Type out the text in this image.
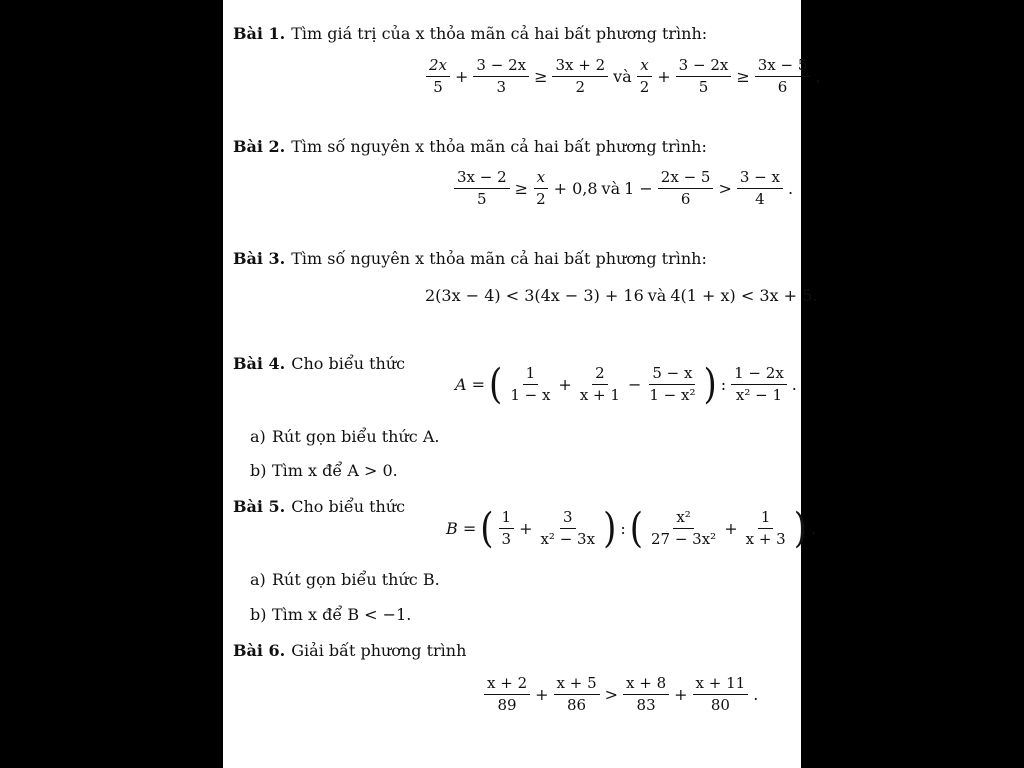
Bài 1. Tìm giá trị của x thỏa mãn cả hai bất phương trình:
$\frac{2x}{5} + \frac{3 - 2x}{3} \ge \frac{3x + 2}{2}$ và $\frac{x}{2} + \frac{3 - 2x}{5} \ge \frac{3x - 5}{6}$ .
Bài 2. Tìm số nguyên x thỏa mãn cả hai bất phương trình:
$\frac{3x - 2}{5} \ge \frac{x}{2} + 0,8$ và $1 - \frac{2x - 5}{6} > \frac{3 - x}{4}$ .
Bài 3. Tìm số nguyên x thỏa mãn cả hai bất phương trình:
2(3x − 4) < 3(4x − 3) + 16 và 4(1 + x) < 3x + 5.
Bài 4. Cho biểu thức
A = ( $\frac{1}{1 - x} + \frac{2}{x + 1} - \frac{5 - x}{\text{1 − x²}}$ ) : $\frac{1 - 2x}{\text{x² − 1}}$ .
a) Rút gọn biểu thức A.
b) Tìm x để A > 0.
Bài 5. Cho biểu thức
B = ( $\frac{1}{3} + \frac{3}{\text{x² − 3x}}$ ) : ( $\frac{\text{x²}}{\text{27 − 3x²}} + \frac{1}{x + 3}$ ) .
a) Rút gọn biểu thức B.
b) Tìm x để B < −1.
Bài 6. Giải bất phương trình
$\frac{x + 2}{89} + \frac{x + 5}{86} > \frac{x + 8}{83} + \frac{x + 11}{80}$ .
